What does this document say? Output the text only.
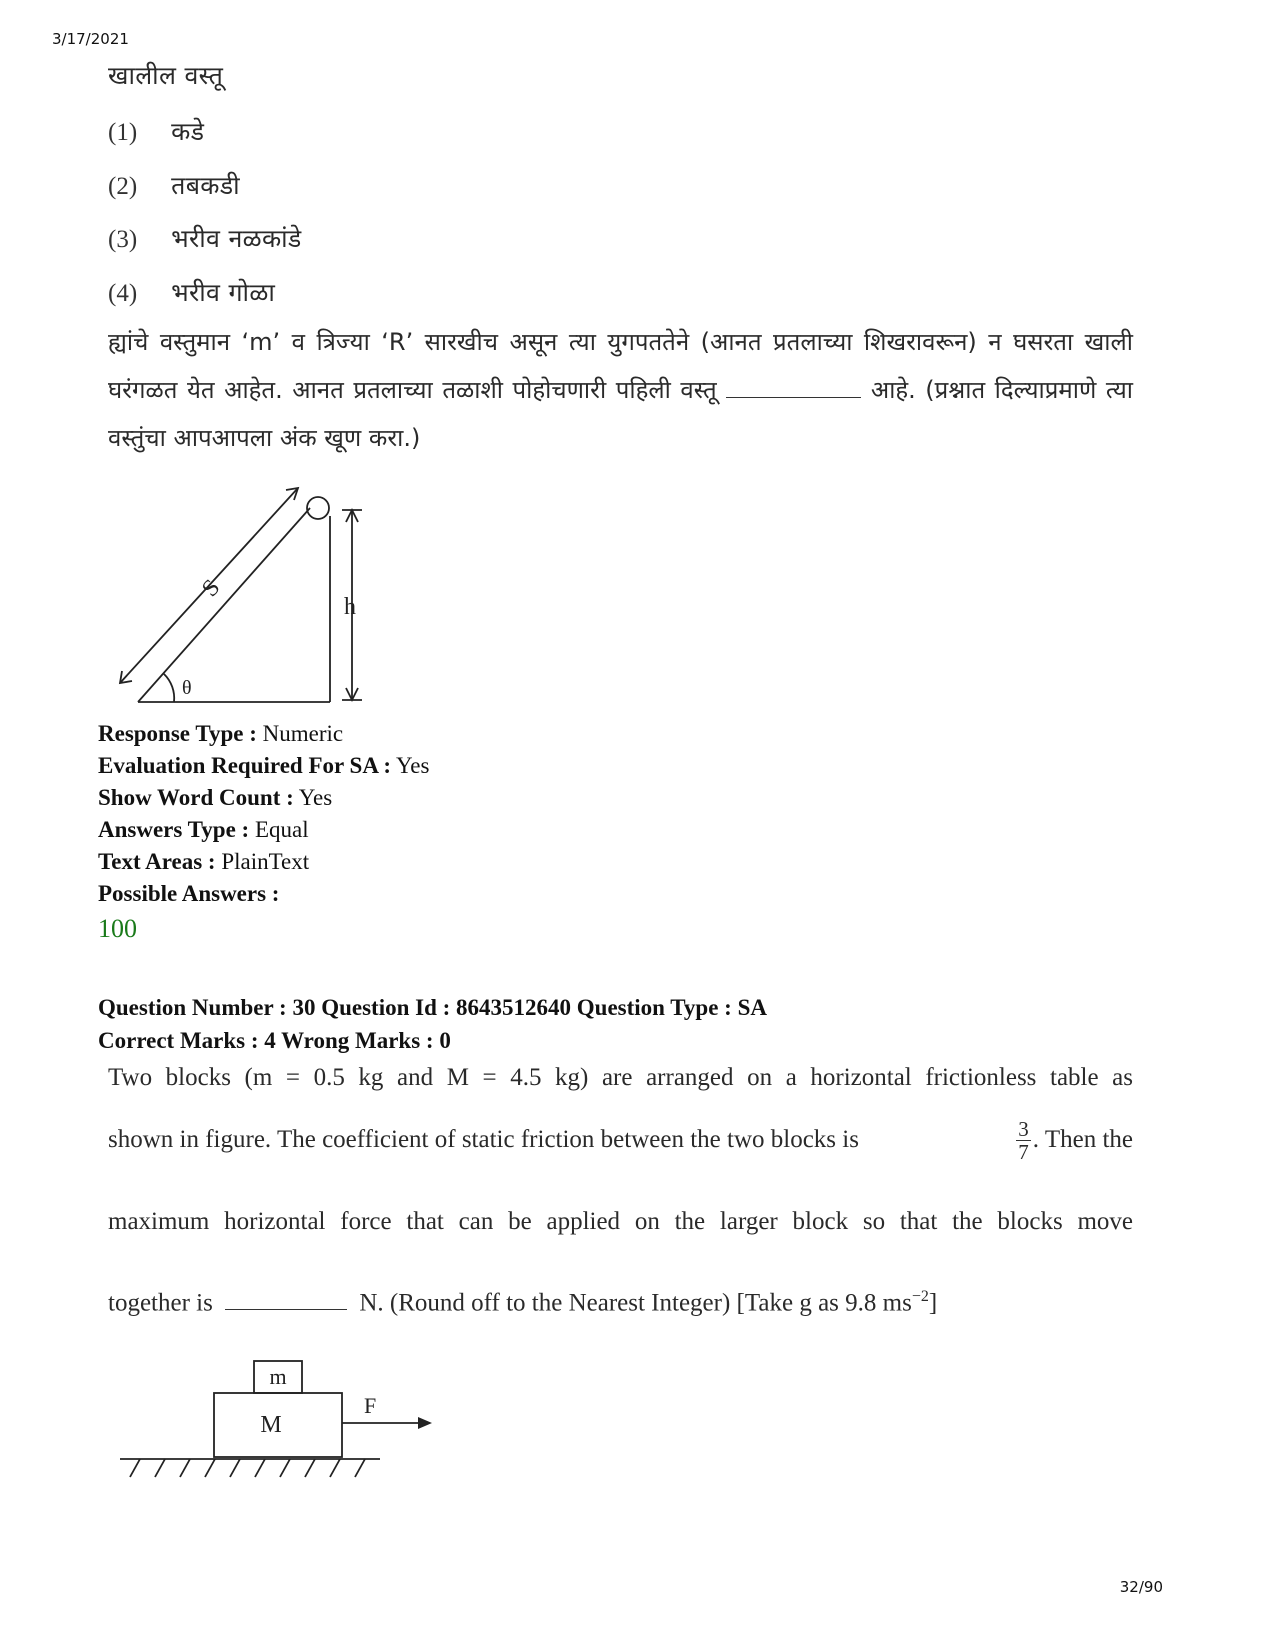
3/17/2021
32/90
खालील वस्तू
(1) कडे
(2) तबकडी
(3) भरीव नळकांडे
(4) भरीव गोळा
ह्यांचे वस्तुमान ‘m’ व त्रिज्या ‘R’ सारखीच असून त्या युगपततेने (आनत प्रतलाच्या शिखरावरून) न घसरता खाली घरंगळत येत आहेत. आनत प्रतलाच्या तळाशी पोहोचणारी पहिली वस्तू	आहे. (प्रश्नात दिल्याप्रमाणे त्या वस्तुंचा आपआपला अंक खूण करा.)
S
h
θ
Response Type : Numeric
Evaluation Required For SA : Yes
Show Word Count : Yes
Answers Type : Equal
Text Areas : PlainText
Possible Answers :
100
Question Number : 30 Question Id : 8643512640 Question Type : SA
Correct Marks : 4 Wrong Marks : 0
Two blocks (m = 0.5 kg and M = 4.5 kg) are arranged on a horizontal frictionless table as
shown in figure. The coefficient of static friction between the two blocks is	$\frac{3}{7}$ . Then the
maximum horizontal force that can be applied on the larger block so that the blocks move
together is	N. (Round off to the Nearest Integer) [Take g as 9.8 $ms^{-2}$]
m
M
F
